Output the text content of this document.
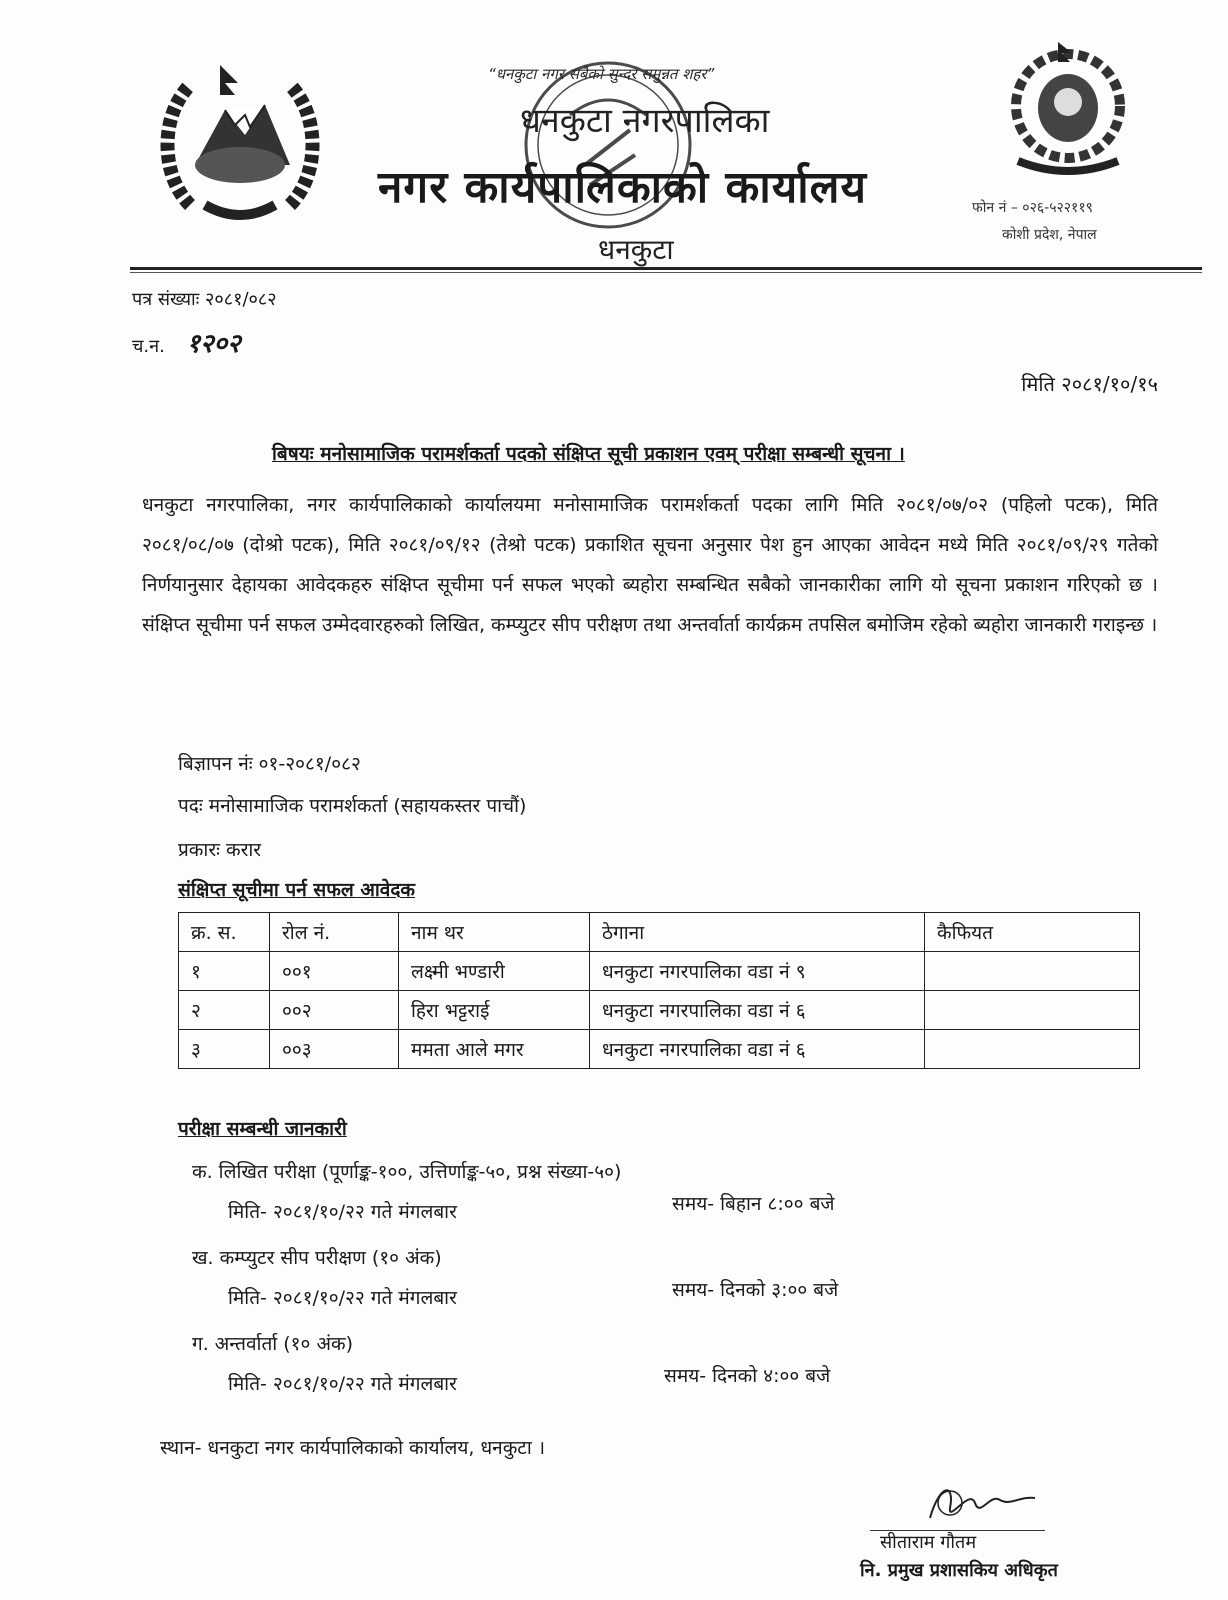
“धनकुटा नगर सबैको सुन्दर समुन्नत शहर”
धनकुटा नगरपालिका
नगर कार्यपालिकाको कार्यालय
धनकुटा
फोन नं – ०२६-५२२११९
कोशी प्रदेश, नेपाल
पत्र संख्याः २०८१/०८२
च.न. १२०२
मिति २०८१/१०/१५
बिषयः मनोसामाजिक परामर्शकर्ता पदको संक्षिप्त सूची प्रकाशन एवम् परीक्षा सम्बन्धी सूचना ।
धनकुटा नगरपालिका, नगर कार्यपालिकाको कार्यालयमा मनोसामाजिक परामर्शकर्ता पदका लागि मिति २०८१/०७/०२ (पहिलो पटक), मिति २०८१/०८/०७ (दोश्रो पटक), मिति २०८१/०९/१२ (तेश्रो पटक) प्रकाशित सूचना अनुसार पेश हुन आएका आवेदन मध्ये मिति २०८१/०९/२९ गतेको निर्णयानुसार देहायका आवेदकहरु संक्षिप्त सूचीमा पर्न सफल भएको ब्यहोरा सम्बन्धित सबैको जानकारीका लागि यो सूचना प्रकाशन गरिएको छ । संक्षिप्त सूचीमा पर्न सफल उम्मेदवारहरुको लिखित, कम्प्युटर सीप परीक्षण तथा अन्तर्वार्ता कार्यक्रम तपसिल बमोजिम रहेको ब्यहोरा जानकारी गराइन्छ ।
बिज्ञापन नंः ०१-२०८१/०८२
पदः मनोसामाजिक परामर्शकर्ता (सहायकस्तर पाचौं)
प्रकारः करार
संक्षिप्त सूचीमा पर्न सफल आवेदक
क्र. स.	रोल नं.	नाम थर	ठेगाना	कैफियत
१	००१	लक्ष्मी भण्डारी	धनकुटा नगरपालिका वडा नं ९	
२	००२	हिरा भट्टराई	धनकुटा नगरपालिका वडा नं ६	
३	००३	ममता आले मगर	धनकुटा नगरपालिका वडा नं ६	
परीक्षा सम्बन्धी जानकारी
क. लिखित परीक्षा (पूर्णाङ्क-१००, उत्तिर्णाङ्क-५०, प्रश्न संख्या-५०)
मिति- २०८१/१०/२२ गते मंगलबार	समय- बिहान ८:०० बजे
ख. कम्प्युटर सीप परीक्षण (१० अंक)
मिति- २०८१/१०/२२ गते मंगलबार	समय- दिनको ३:०० बजे
ग. अन्तर्वार्ता (१० अंक)
मिति- २०८१/१०/२२ गते मंगलबार	समय- दिनको ४:०० बजे
स्थान- धनकुटा नगर कार्यपालिकाको कार्यालय, धनकुटा ।
सीताराम गौतम
नि. प्रमुख प्रशासकिय अधिकृत
